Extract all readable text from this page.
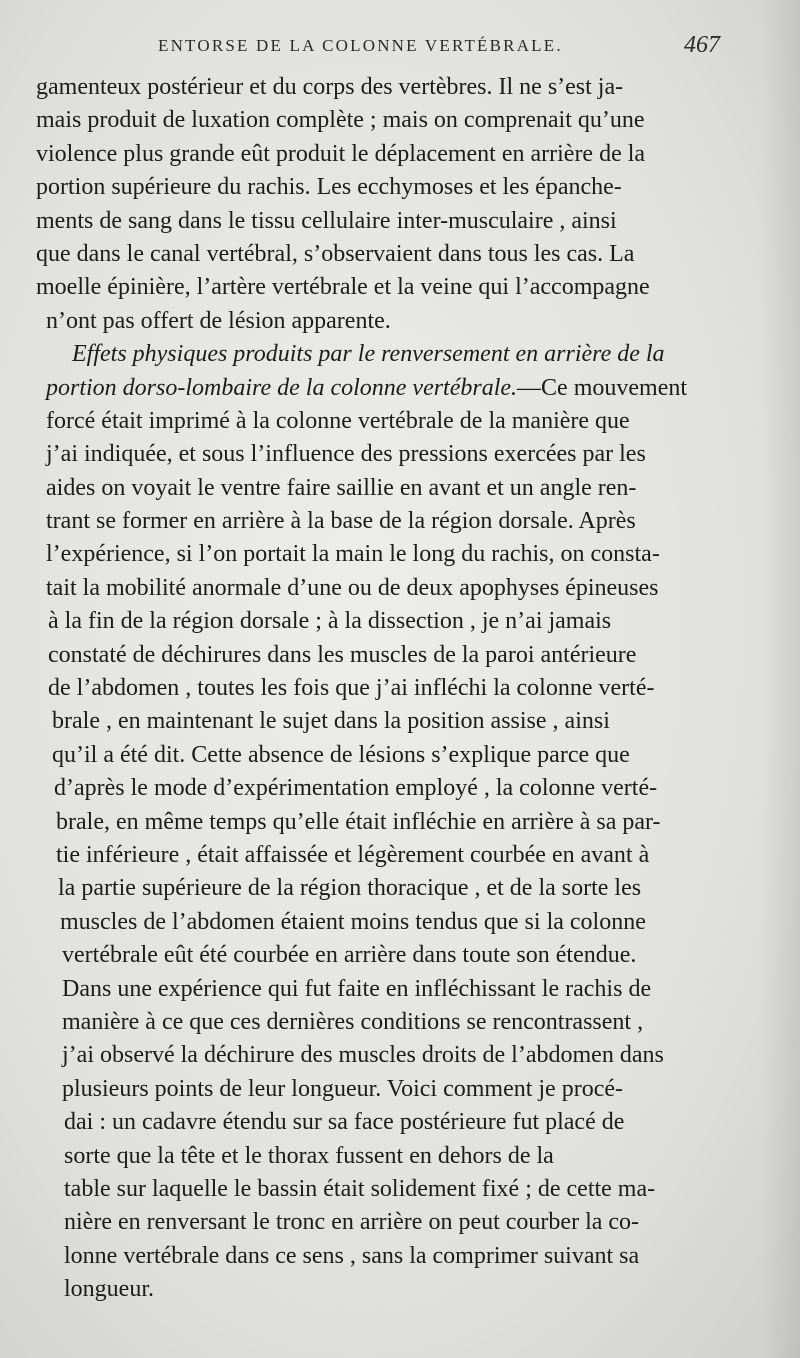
ENTORSE DE LA COLONNE VERTÉBRALE.	467
gamenteux postérieur et du corps des vertèbres. Il ne s’est ja-
mais produit de luxation complète ; mais on comprenait qu’une
violence plus grande eût produit le déplacement en arrière de la
portion supérieure du rachis. Les ecchymoses et les épanche-
ments de sang dans le tissu cellulaire inter-musculaire , ainsi
que dans le canal vertébral, s’observaient dans tous les cas. La
moelle épinière, l’artère vertébrale et la veine qui l’accompagne
n’ont pas offert de lésion apparente.
Effets physiques produits par le renversement en arrière de la
portion dorso-lombaire de la colonne vertébrale.—Ce mouvement
forcé était imprimé à la colonne vertébrale de la manière que
j’ai indiquée, et sous l’influence des pressions exercées par les
aides on voyait le ventre faire saillie en avant et un angle ren-
trant se former en arrière à la base de la région dorsale. Après
l’expérience, si l’on portait la main le long du rachis, on consta-
tait la mobilité anormale d’une ou de deux apophyses épineuses
à la fin de la région dorsale ; à la dissection , je n’ai jamais
constaté de déchirures dans les muscles de la paroi antérieure
de l’abdomen , toutes les fois que j’ai infléchi la colonne verté-
brale , en maintenant le sujet dans la position assise , ainsi
qu’il a été dit. Cette absence de lésions s’explique parce que
d’après le mode d’expérimentation employé , la colonne verté-
brale, en même temps qu’elle était infléchie en arrière à sa par-
tie inférieure , était affaissée et légèrement courbée en avant à
la partie supérieure de la région thoracique , et de la sorte les
muscles de l’abdomen étaient moins tendus que si la colonne
vertébrale eût été courbée en arrière dans toute son étendue.
Dans une expérience qui fut faite en infléchissant le rachis de
manière à ce que ces dernières conditions se rencontrassent ,
j’ai observé la déchirure des muscles droits de l’abdomen dans
plusieurs points de leur longueur. Voici comment je procé-
dai : un cadavre étendu sur sa face postérieure fut placé de
sorte que la tête et le thorax fussent en dehors de la
table sur laquelle le bassin était solidement fixé ; de cette ma-
nière en renversant le tronc en arrière on peut courber la co-
lonne vertébrale dans ce sens , sans la comprimer suivant sa
longueur.
